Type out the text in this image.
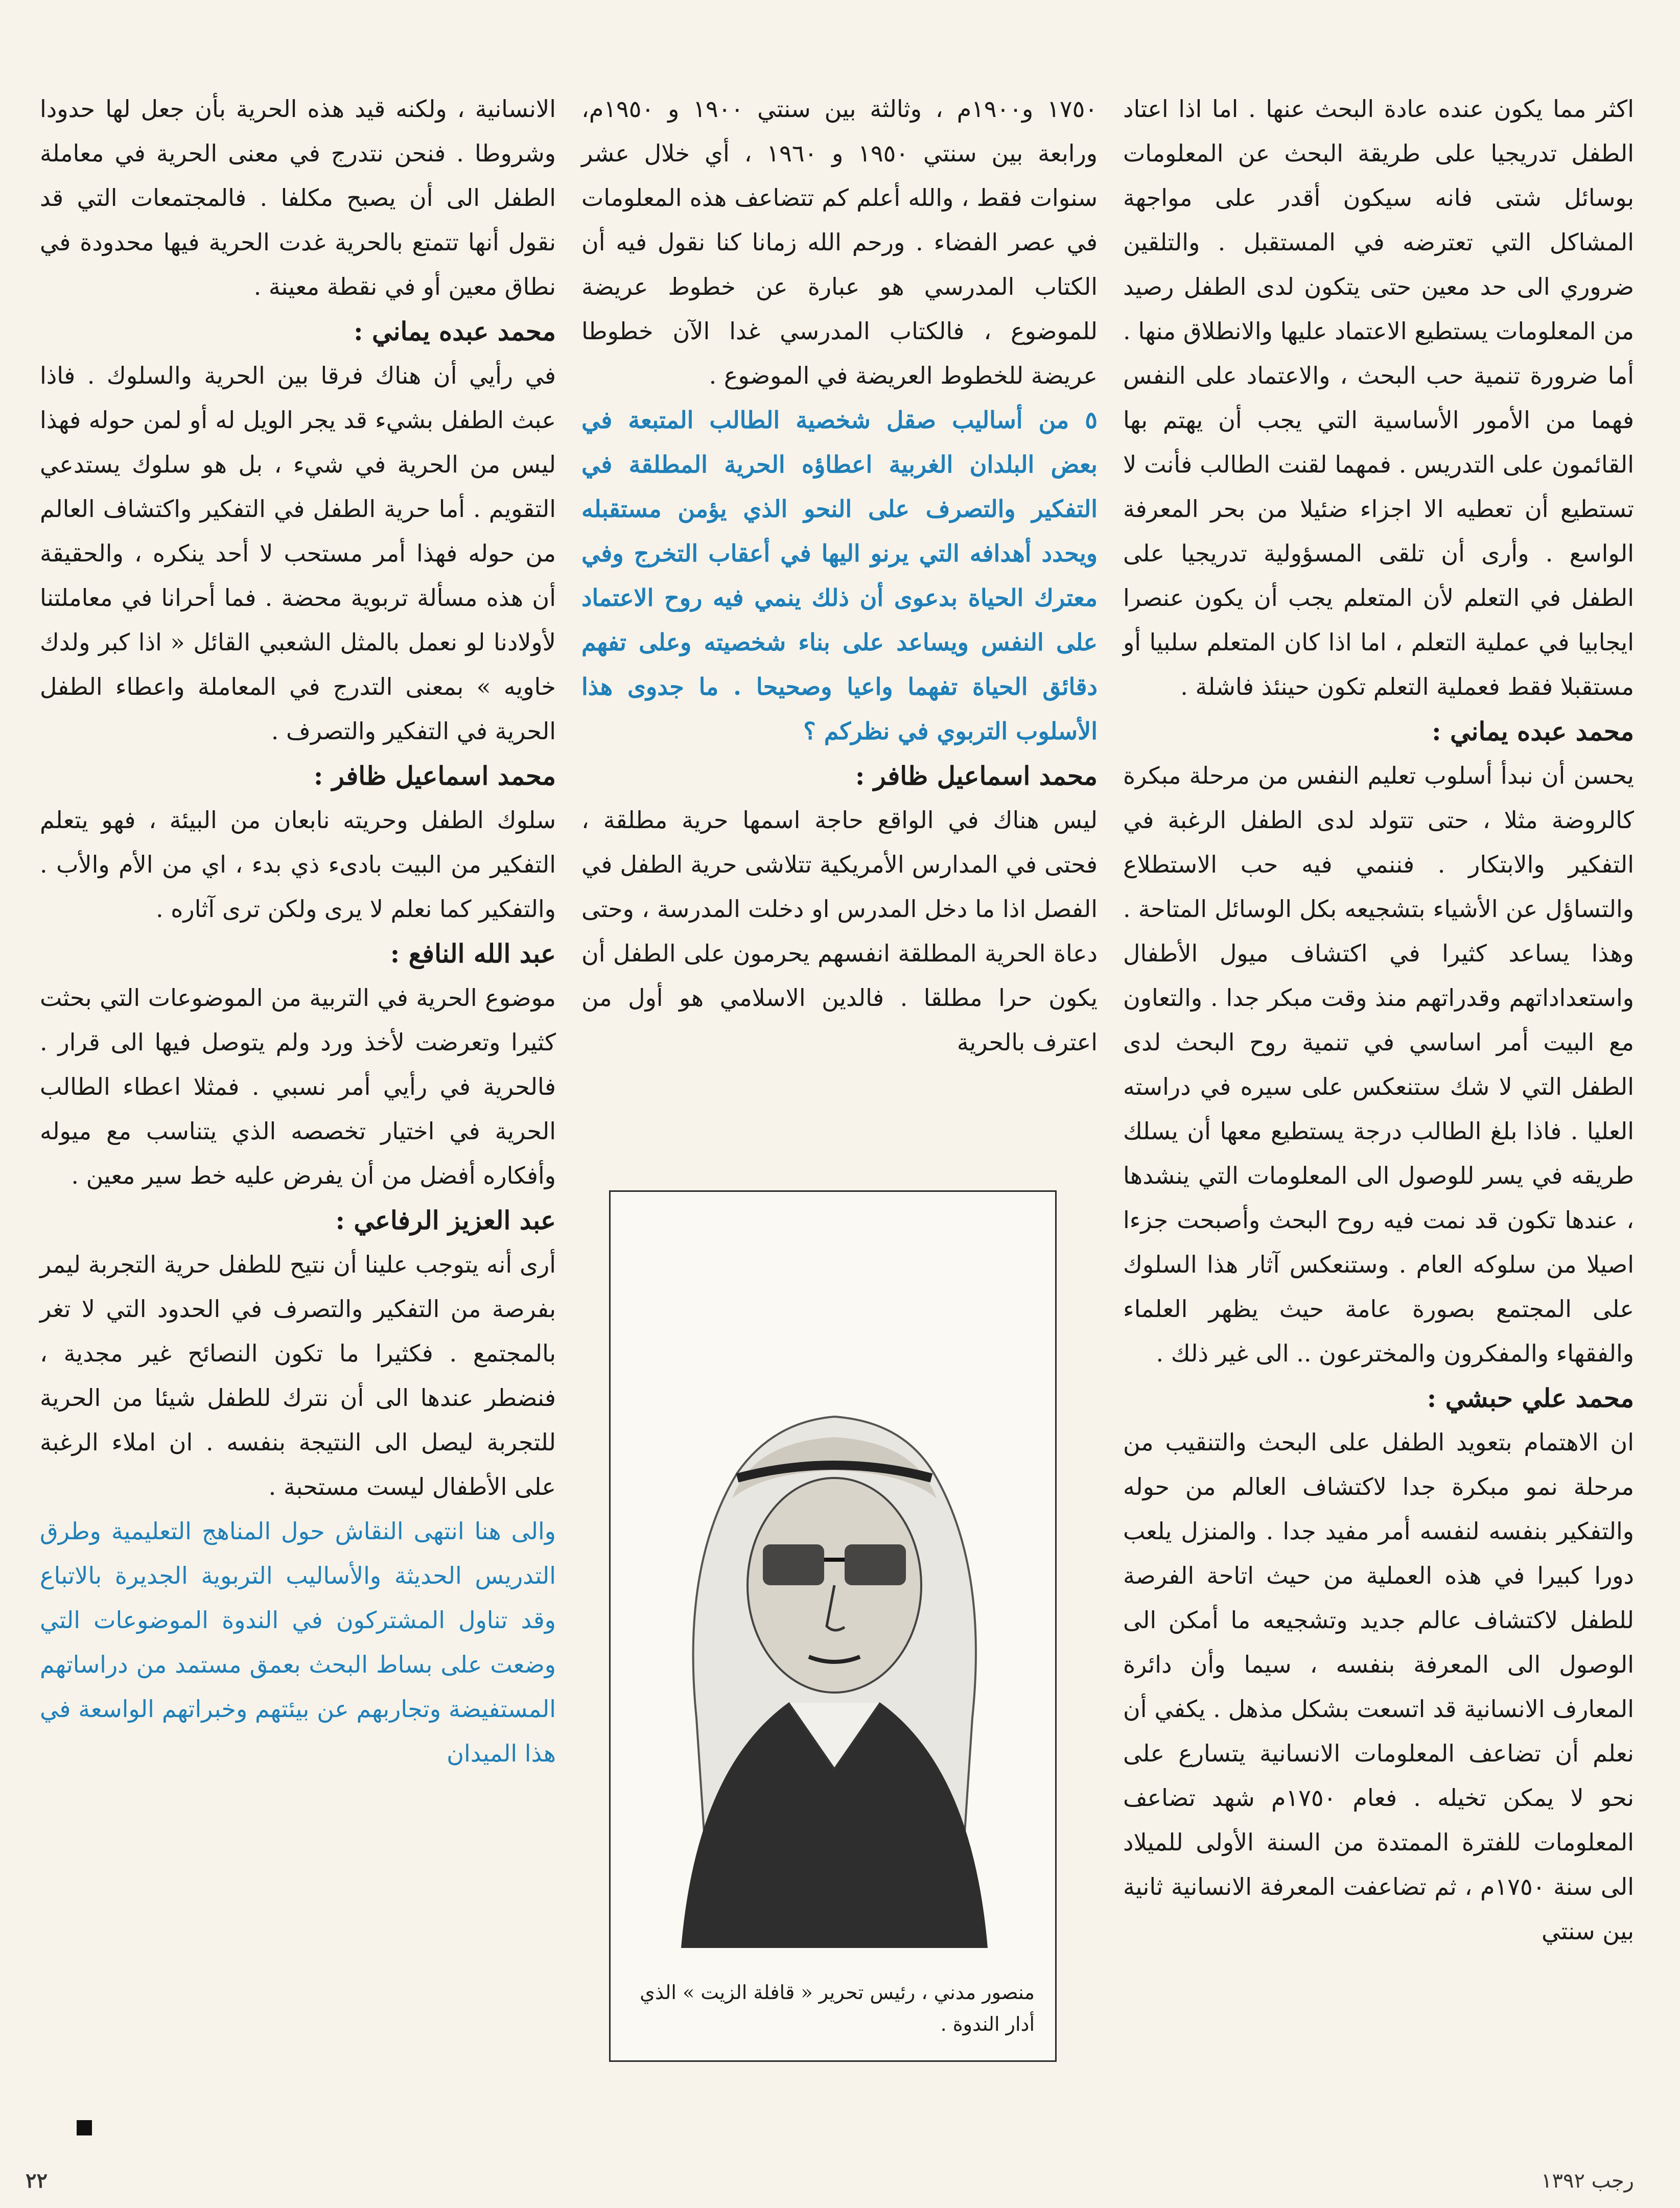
اكثر مما يكون عنده عادة البحث عنها . اما اذا اعتاد الطفل تدريجيا على طريقة البحث عن المعلومات بوسائل شتى فانه سيكون أقدر على مواجهة المشاكل التي تعترضه في المستقبل . والتلقين ضروري الى حد معين حتى يتكون لدى الطفل رصيد من المعلومات يستطيع الاعتماد عليها والانطلاق منها . أما ضرورة تنمية حب البحث ، والاعتماد على النفس فهما من الأمور الأساسية التي يجب أن يهتم بها القائمون على التدريس . فمهما لقنت الطالب فأنت لا تستطيع أن تعطيه الا اجزاء ضئيلا من بحر المعرفة الواسع . وأرى أن تلقى المسؤولية تدريجيا على الطفل في التعلم لأن المتعلم يجب أن يكون عنصرا ايجابيا في عملية التعلم ، اما اذا كان المتعلم سلبيا أو مستقبلا فقط فعملية التعلم تكون حينئذ فاشلة .

محمد عبده يماني :

يحسن أن نبدأ أسلوب تعليم النفس من مرحلة مبكرة كالروضة مثلا ، حتى تتولد لدى الطفل الرغبة في التفكير والابتكار . فننمي فيه حب الاستطلاع والتساؤل عن الأشياء بتشجيعه بكل الوسائل المتاحة . وهذا يساعد كثيرا في اكتشاف ميول الأطفال واستعداداتهم وقدراتهم منذ وقت مبكر جدا . والتعاون مع البيت أمر اساسي في تنمية روح البحث لدى الطفل التي لا شك ستنعكس على سيره في دراسته العليا . فاذا بلغ الطالب درجة يستطيع معها أن يسلك طريقه في يسر للوصول الى المعلومات التي ينشدها ، عندها تكون قد نمت فيه روح البحث وأصبحت جزءا اصيلا من سلوكه العام . وستنعكس آثار هذا السلوك على المجتمع بصورة عامة حيث يظهر العلماء والفقهاء والمفكرون والمخترعون .. الى غير ذلك .

محمد علي حبشي :

ان الاهتمام بتعويد الطفل على البحث والتنقيب من مرحلة نمو مبكرة جدا لاكتشاف العالم من حوله والتفكير بنفسه لنفسه أمر مفيد جدا . والمنزل يلعب دورا كبيرا في هذه العملية من حيث اتاحة الفرصة للطفل لاكتشاف عالم جديد وتشجيعه ما أمكن الى الوصول الى المعرفة بنفسه ، سيما وأن دائرة المعارف الانسانية قد اتسعت بشكل مذهل . يكفي أن نعلم أن تضاعف المعلومات الانسانية يتسارع على نحو لا يمكن تخيله . فعام ١٧٥٠م شهد تضاعف المعلومات للفترة الممتدة من السنة الأولى للميلاد الى سنة ١٧٥٠م ، ثم تضاعفت المعرفة الانسانية ثانية بين سنتي

١٧٥٠ و١٩٠٠م ، وثالثة بين سنتي ١٩٠٠ و ١٩٥٠م، ورابعة بين سنتي ١٩٥٠ و ١٩٦٠ ، أي خلال عشر سنوات فقط ، والله أعلم كم تتضاعف هذه المعلومات في عصر الفضاء . ورحم الله زمانا كنا نقول فيه أن الكتاب المدرسي هو عبارة عن خطوط عريضة للموضوع ، فالكتاب المدرسي غدا الآن خطوطا عريضة للخطوط العريضة في الموضوع .

٥ من أساليب صقل شخصية الطالب المتبعة في بعض البلدان الغربية اعطاؤه الحرية المطلقة في التفكير والتصرف على النحو الذي يؤمن مستقبله ويحدد أهدافه التي يرنو اليها في أعقاب التخرج وفي معترك الحياة بدعوى أن ذلك ينمي فيه روح الاعتماد على النفس ويساعد على بناء شخصيته وعلى تفهم دقائق الحياة تفهما واعيا وصحيحا . ما جدوى هذا الأسلوب التربوي في نظركم ؟

محمد اسماعيل ظافر :

ليس هناك في الواقع حاجة اسمها حرية مطلقة ، فحتى في المدارس الأمريكية تتلاشى حرية الطفل في الفصل اذا ما دخل المدرس او دخلت المدرسة ، وحتى دعاة الحرية المطلقة انفسهم يحرمون على الطفل أن يكون حرا مطلقا . فالدين الاسلامي هو أول من اعترف بالحرية

منصور مدني ، رئيس تحرير « قافلة الزيت » الذي أدار الندوة .

الانسانية ، ولكنه قيد هذه الحرية بأن جعل لها حدودا وشروطا . فنحن نتدرج في معنى الحرية في معاملة الطفل الى أن يصبح مكلفا . فالمجتمعات التي قد نقول أنها تتمتع بالحرية غدت الحرية فيها محدودة في نطاق معين أو في نقطة معينة .

محمد عبده يماني :

في رأيي أن هناك فرقا بين الحرية والسلوك . فاذا عبث الطفل بشيء قد يجر الويل له أو لمن حوله فهذا ليس من الحرية في شيء ، بل هو سلوك يستدعي التقويم . أما حرية الطفل في التفكير واكتشاف العالم من حوله فهذا أمر مستحب لا أحد ينكره ، والحقيقة أن هذه مسألة تربوية محضة . فما أحرانا في معاملتنا لأولادنا لو نعمل بالمثل الشعبي القائل « اذا كبر ولدك خاويه » بمعنى التدرج في المعاملة واعطاء الطفل الحرية في التفكير والتصرف .

محمد اسماعيل ظافر :

سلوك الطفل وحريته نابعان من البيئة ، فهو يتعلم التفكير من البيت بادىء ذي بدء ، اي من الأم والأب . والتفكير كما نعلم لا يرى ولكن ترى آثاره .

عبد الله النافع :

موضوع الحرية في التربية من الموضوعات التي بحثت كثيرا وتعرضت لأخذ ورد ولم يتوصل فيها الى قرار . فالحرية في رأيي أمر نسبي . فمثلا اعطاء الطالب الحرية في اختيار تخصصه الذي يتناسب مع ميوله وأفكاره أفضل من أن يفرض عليه خط سير معين .

عبد العزيز الرفاعي :

أرى أنه يتوجب علينا أن نتيح للطفل حرية التجربة ليمر بفرصة من التفكير والتصرف في الحدود التي لا تغر بالمجتمع . فكثيرا ما تكون النصائح غير مجدية ، فنضطر عندها الى أن نترك للطفل شيئا من الحرية للتجربة ليصل الى النتيجة بنفسه . ان املاء الرغبة على الأطفال ليست مستحبة .

والى هنا انتهى النقاش حول المناهج التعليمية وطرق التدريس الحديثة والأساليب التربوية الجديرة بالاتباع وقد تناول المشتركون في الندوة الموضوعات التي وضعت على بساط البحث بعمق مستمد من دراساتهم المستفيضة وتجاربهم عن بيئتهم وخبراتهم الواسعة في هذا الميدان

٢٢	رجب ١٣٩٢
